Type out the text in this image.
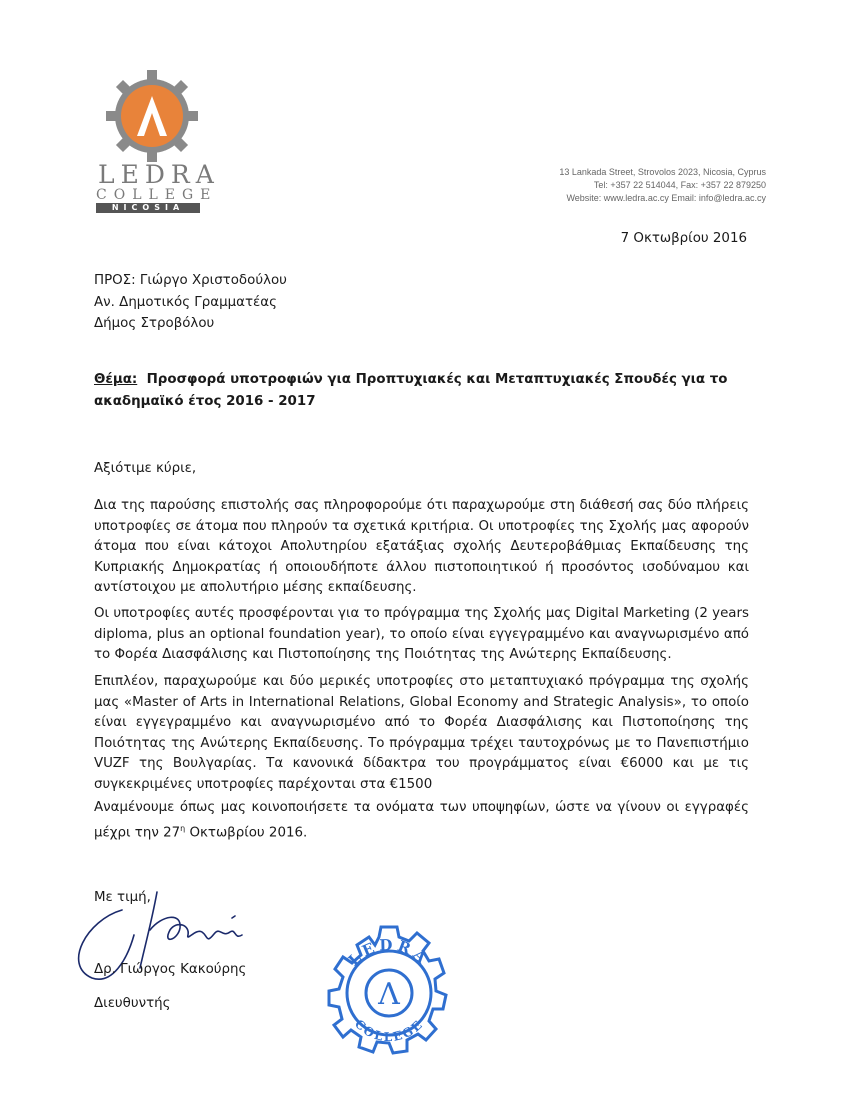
LEDRA
COLLEGE
NICOSIA
13 Lankada Street, Strovolos 2023, Nicosia, Cyprus
Tel: +357 22 514044, Fax: +357 22 879250
Website: www.ledra.ac.cy Email: info@ledra.ac.cy
7 Οκτωβρίου 2016
ΠΡΟΣ: Γιώργο Χριστοδούλου
Αν. Δημοτικός Γραμματέας
Δήμος Στροβόλου
Θέμα: Προσφορά υποτροφιών για Προπτυχιακές και Μεταπτυχιακές Σπουδές για το ακαδημαϊκό έτος 2016 - 2017
Αξιότιμε κύριε,
Δια της παρούσης επιστολής σας πληροφορούμε ότι παραχωρούμε στη διάθεσή σας δύο πλήρεις υποτροφίες σε άτομα που πληρούν τα σχετικά κριτήρια. Οι υποτροφίες της Σχολής μας αφορούν άτομα που είναι κάτοχοι Απολυτηρίου εξατάξιας σχολής Δευτεροβάθμιας Εκπαίδευσης της Κυπριακής Δημοκρατίας ή οποιουδήποτε άλλου πιστοποιητικού ή προσόντος ισοδύναμου και αντίστοιχου με απολυτήριο μέσης εκπαίδευσης.
Οι υποτροφίες αυτές προσφέρονται για το πρόγραμμα της Σχολής μας Digital Marketing (2 years diploma, plus an optional foundation year), το οποίο είναι εγγεγραμμένο και αναγνωρισμένο από το Φορέα Διασφάλισης και Πιστοποίησης της Ποιότητας της Ανώτερης Εκπαίδευσης.
Επιπλέον, παραχωρούμε και δύο μερικές υποτροφίες στο μεταπτυχιακό πρόγραμμα της σχολής μας «Master of Arts in International Relations, Global Economy and Strategic Analysis», το οποίο είναι εγγεγραμμένο και αναγνωρισμένο από το Φορέα Διασφάλισης και Πιστοποίησης της Ποιότητας της Ανώτερης Εκπαίδευσης. Το πρόγραμμα τρέχει ταυτοχρόνως με το Πανεπιστήμιο VUZF της Βουλγαρίας. Τα κανονικά δίδακτρα του προγράμματος είναι €6000 και με τις συγκεκριμένες υποτροφίες παρέχονται στα €1500
Αναμένουμε όπως μας κοινοποιήσετε τα ονόματα των υποψηφίων, ώστε να γίνουν οι εγγραφές μέχρι την $27^\eta$ Οκτωβρίου 2016.
Με τιμή,
Δρ. Γιώργος Κακούρης
Διευθυντής
LEDRA
COLLEGE
Λ
